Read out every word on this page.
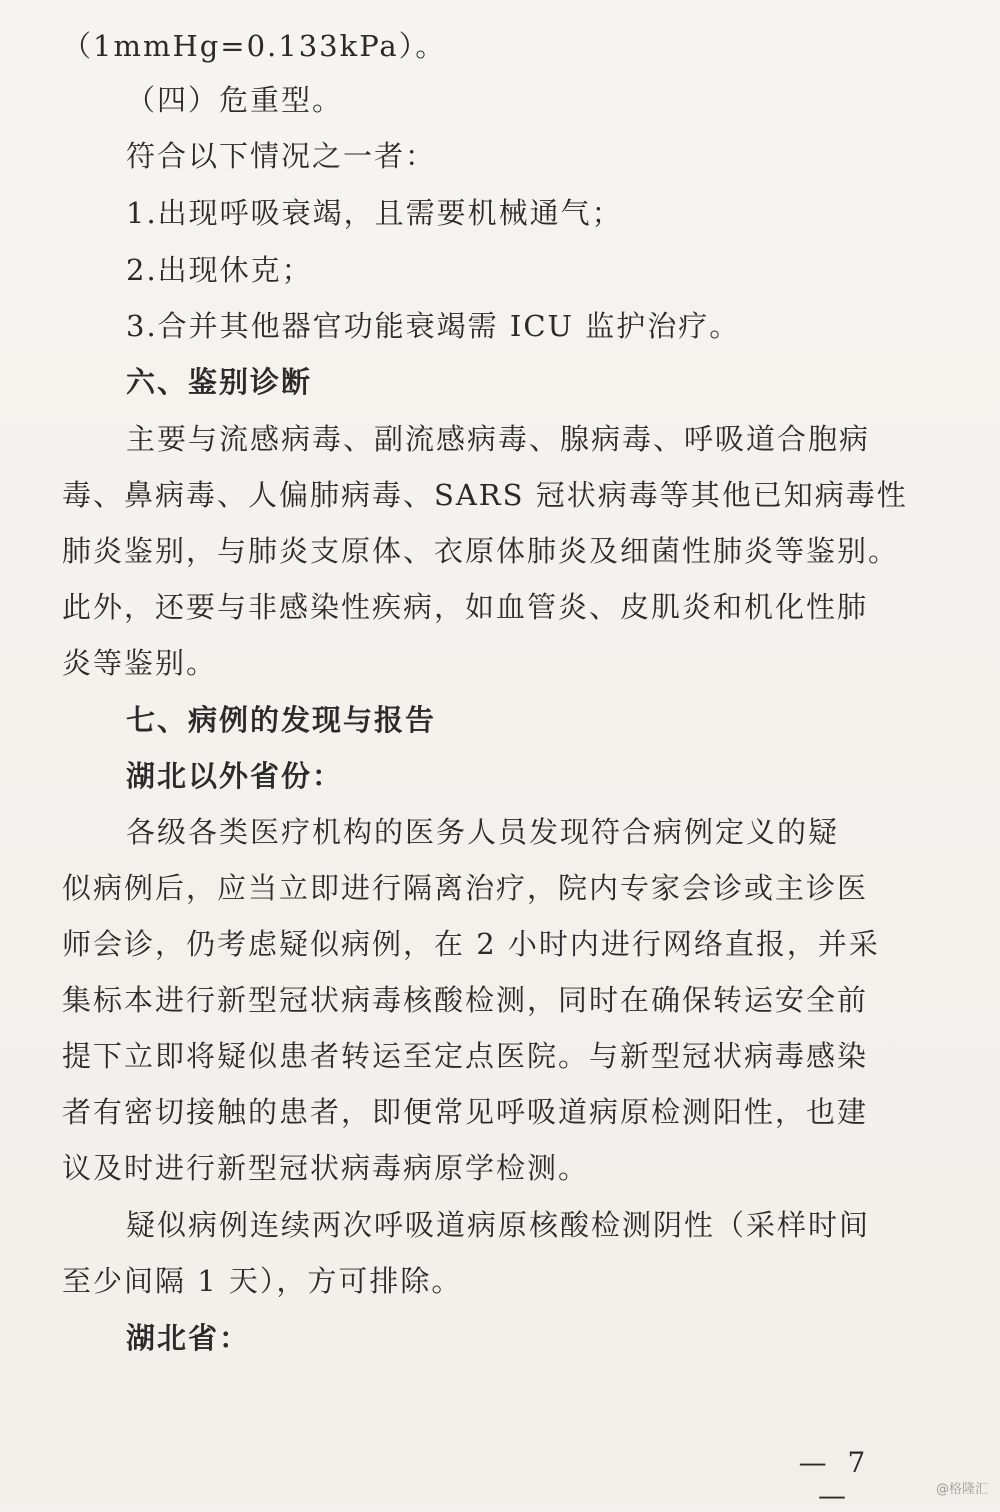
（1mmHg=0.133kPa）。
（四）危重型。
符合以下情况之一者：
1.出现呼吸衰竭，且需要机械通气；
2.出现休克；
3.合并其他器官功能衰竭需 ICU 监护治疗。
六、鉴别诊断
主要与流感病毒、副流感病毒、腺病毒、呼吸道合胞病
毒、鼻病毒、人偏肺病毒、SARS 冠状病毒等其他已知病毒性
肺炎鉴别，与肺炎支原体、衣原体肺炎及细菌性肺炎等鉴别。
此外，还要与非感染性疾病，如血管炎、皮肌炎和机化性肺
炎等鉴别。
七、病例的发现与报告
湖北以外省份：
各级各类医疗机构的医务人员发现符合病例定义的疑
似病例后，应当立即进行隔离治疗，院内专家会诊或主诊医
师会诊，仍考虑疑似病例，在 2 小时内进行网络直报，并采
集标本进行新型冠状病毒核酸检测，同时在确保转运安全前
提下立即将疑似患者转运至定点医院。与新型冠状病毒感染
者有密切接触的患者，即便常见呼吸道病原检测阳性，也建
议及时进行新型冠状病毒病原学检测。
疑似病例连续两次呼吸道病原核酸检测阴性（采样时间
至少间隔 1 天），方可排除。
湖北省：
— 7 —	@格隆汇
